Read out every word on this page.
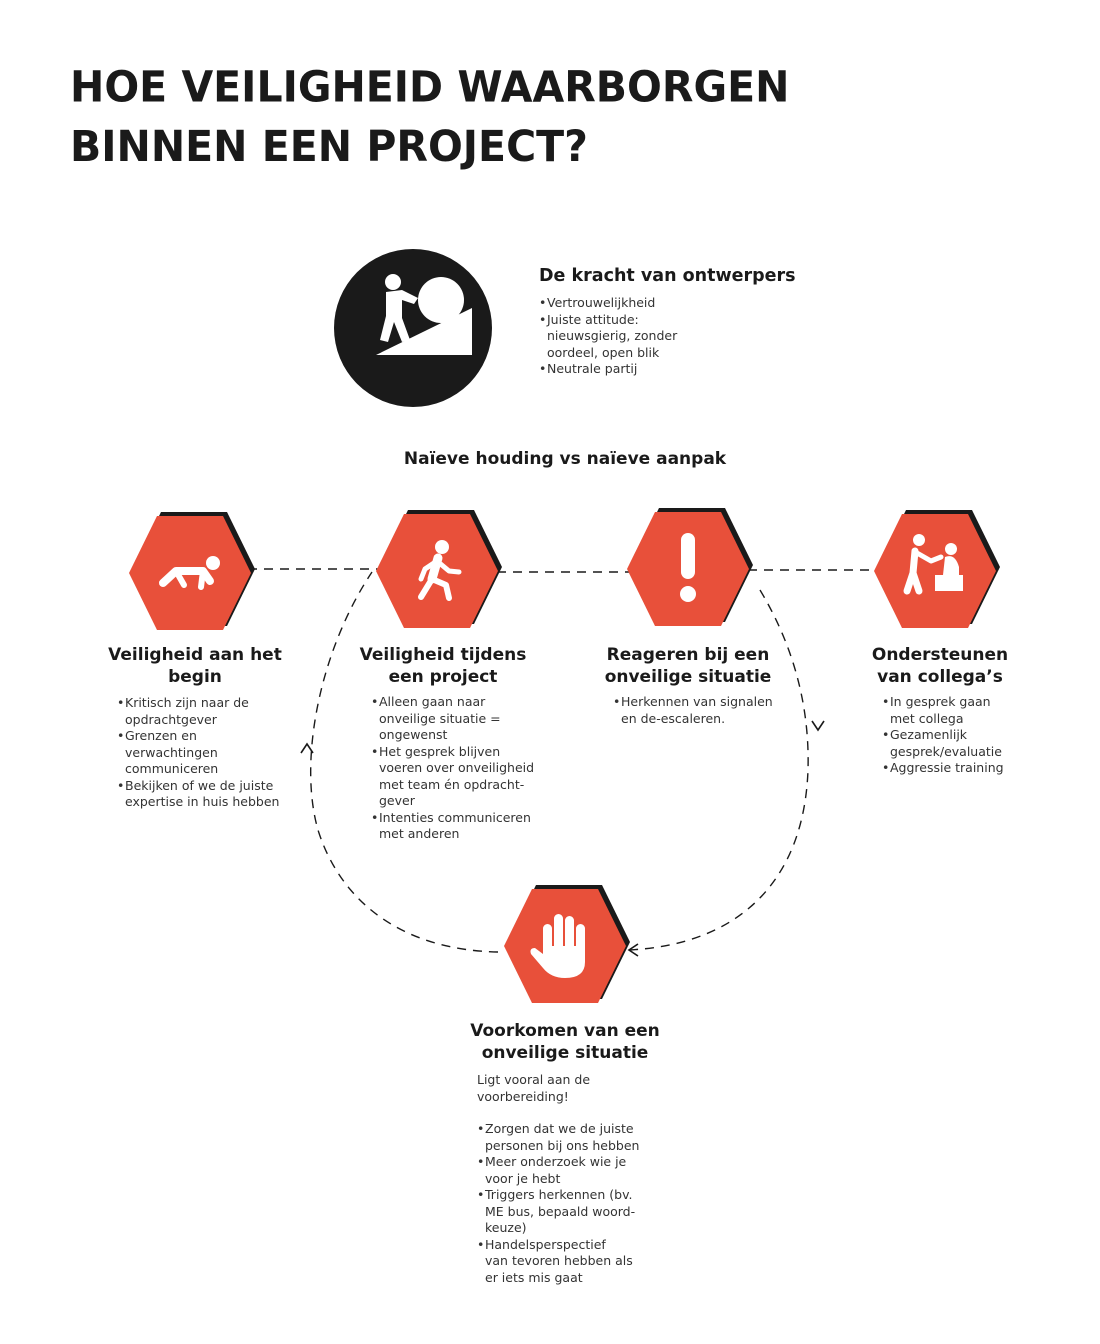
HOE VEILIGHEID WAARBORGEN
BINNEN EEN PROJECT?
De kracht van ontwerpers
• Vertrouwelijkheid
• Juiste attitude:
nieuwsgierig, zonder
oordeel, open blik
• Neutrale partij
Naïeve houding vs naïeve aanpak
Veiligheid aan het
begin
• Kritisch zijn naar de
opdrachtgever
• Grenzen en
verwachtingen
communiceren
• Bekijken of we de juiste
expertise in huis hebben
Veiligheid tijdens
een project
• Alleen gaan naar
onveilige situatie =
ongewenst
• Het gesprek blijven
voeren over onveiligheid
met team én opdracht-
gever
• Intenties communiceren
met anderen
Reageren bij een
onveilige situatie
• Herkennen van signalen
en de-escaleren.
Ondersteunen
van collega’s
• In gesprek gaan
met collega
• Gezamenlijk
gesprek/evaluatie
• Aggressie training
Voorkomen van een
onveilige situatie
Ligt vooral aan de
voorbereiding!
• Zorgen dat we de juiste
personen bij ons hebben
• Meer onderzoek wie je
voor je hebt
• Triggers herkennen (bv.
ME bus, bepaald woord-
keuze)
• Handelsperspectief
van tevoren hebben als
er iets mis gaat
